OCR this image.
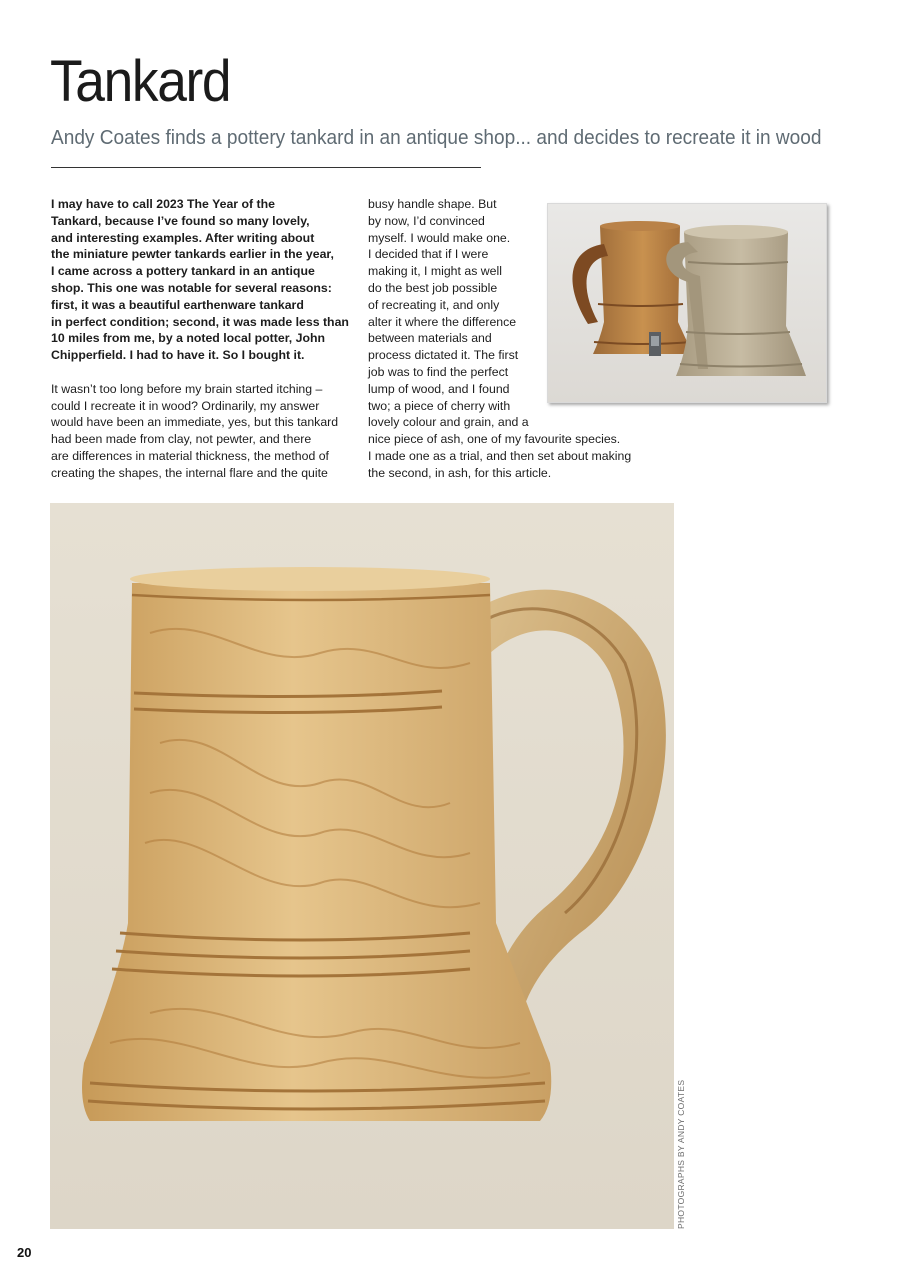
Tankard
Andy Coates finds a pottery tankard in an antique shop... and decides to recreate it in wood

I may have to call 2023 The Year of the
Tankard, because I’ve found so many lovely,
and interesting examples. After writing about
the miniature pewter tankards earlier in the year,
I came across a pottery tankard in an antique
shop. This one was notable for several reasons:
first, it was a beautiful earthenware tankard
in perfect condition; second, it was made less than
10 miles from me, by a noted local potter, John
Chipperfield. I had to have it. So I bought it.

It wasn’t too long before my brain started itching –
could I recreate it in wood? Ordinarily, my answer
would have been an immediate, yes, but this tankard
had been made from clay, not pewter, and there
are differences in material thickness, the method of
creating the shapes, the internal flare and the quite

busy handle shape. But
by now, I’d convinced
myself. I would make one.
I decided that if I were
making it, I might as well
do the best job possible
of recreating it, and only
alter it where the difference
between materials and
process dictated it. The first
job was to find the perfect
lump of wood, and I found
two; a piece of cherry with
lovely colour and grain, and a
nice piece of ash, one of my favourite species.
I made one as a trial, and then set about making
the second, in ash, for this article.

PHOTOGRAPHS BY ANDY COATES
20
